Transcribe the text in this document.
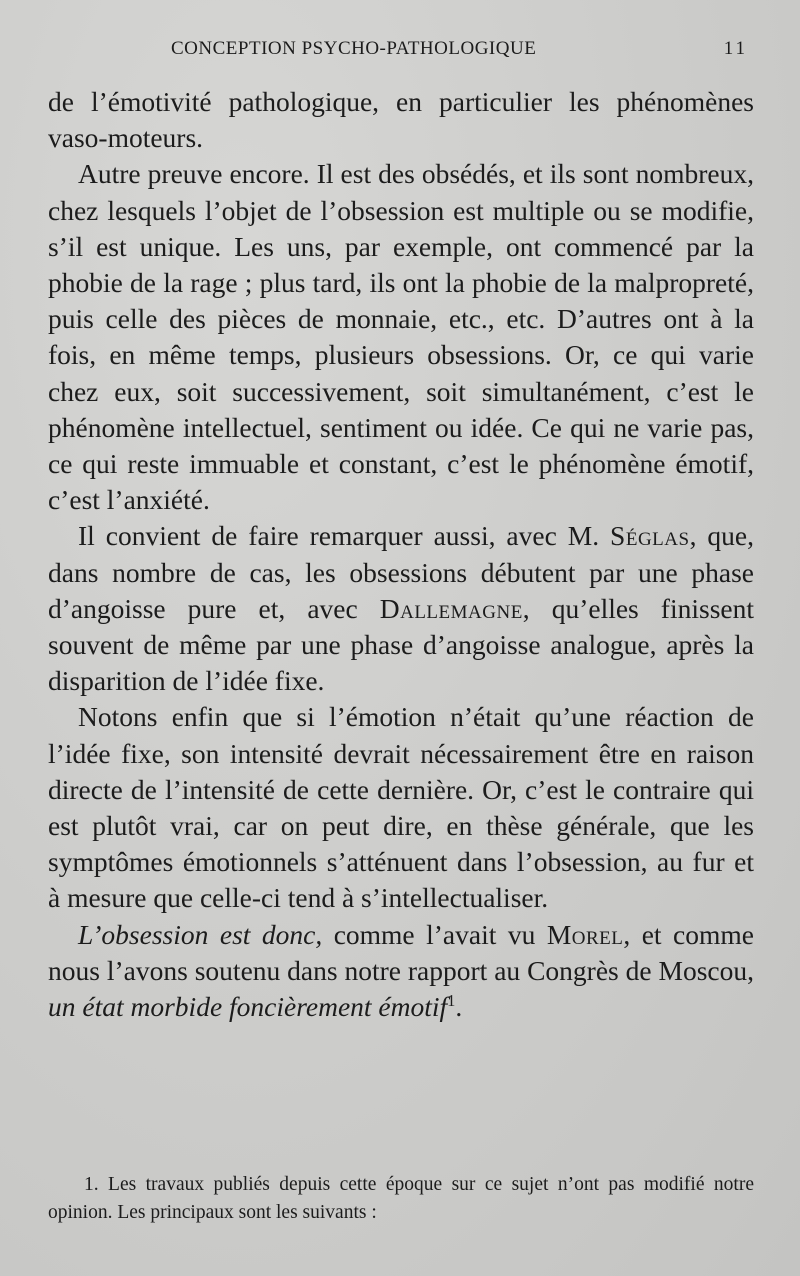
CONCEPTION PSYCHO-PATHOLOGIQUE	11

de l’émotivité pathologique, en particulier les phénomènes vaso-moteurs.

Autre preuve encore. Il est des obsédés, et ils sont nombreux, chez lesquels l’objet de l’obsession est multiple ou se modifie, s’il est unique. Les uns, par exemple, ont commencé par la phobie de la rage ; plus tard, ils ont la phobie de la malpropreté, puis celle des pièces de monnaie, etc., etc. D’autres ont à la fois, en même temps, plusieurs obsessions. Or, ce qui varie chez eux, soit successivement, soit simultanément, c’est le phénomène intellectuel, sentiment ou idée. Ce qui ne varie pas, ce qui reste immuable et constant, c’est le phénomène émotif, c’est l’anxiété.

Il convient de faire remarquer aussi, avec M. Séglas, que, dans nombre de cas, les obsessions débutent par une phase d’angoisse pure et, avec Dallemagne, qu’elles finissent souvent de même par une phase d’angoisse analogue, après la disparition de l’idée fixe.

Notons enfin que si l’émotion n’était qu’une réaction de l’idée fixe, son intensité devrait nécessairement être en raison directe de l’intensité de cette dernière. Or, c’est le contraire qui est plutôt vrai, car on peut dire, en thèse générale, que les symptômes émotionnels s’atténuent dans l’obsession, au fur et à mesure que celle-ci tend à s’intellectualiser.

L’obsession est donc, comme l’avait vu Morel, et comme nous l’avons soutenu dans notre rapport au Congrès de Moscou, un état morbide foncièrement émotif$^1$.

1. Les travaux publiés depuis cette époque sur ce sujet n’ont pas modifié notre opinion. Les principaux sont les suivants :
